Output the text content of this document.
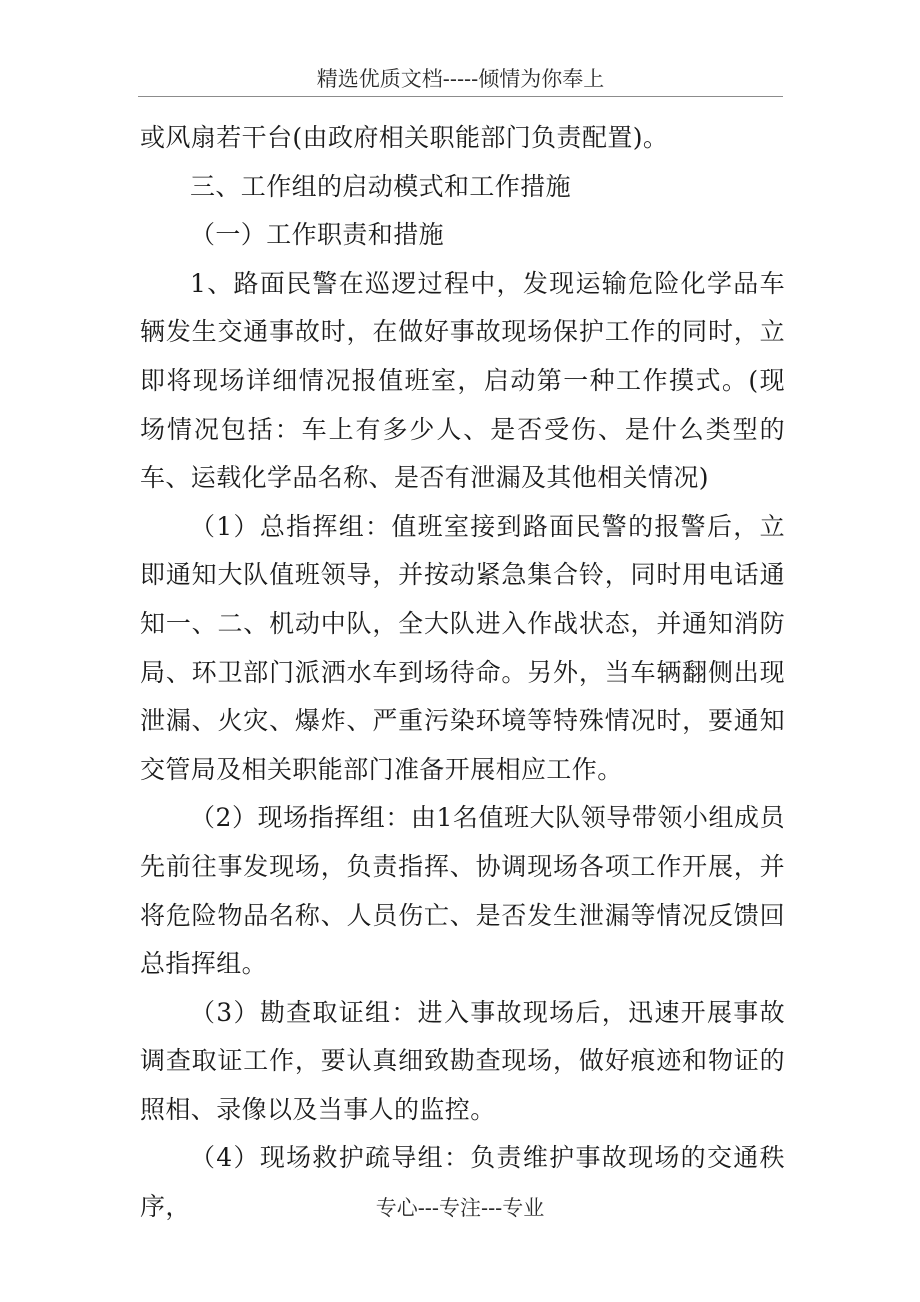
精选优质文档-----倾情为你奉上

或风扇若干台(由政府相关职能部门负责配置)。

三、工作组的启动模式和工作措施

（一）工作职责和措施

1、路面民警在巡逻过程中，发现运输危险化学品车辆发生交通事故时，在做好事故现场保护工作的同时，立即将现场详细情况报值班室，启动第一种工作摸式。(现场情况包括：车上有多少人、是否受伤、是什么类型的车、运载化学品名称、是否有泄漏及其他相关情况)

（1）总指挥组：值班室接到路面民警的报警后，立即通知大队值班领导，并按动紧急集合铃，同时用电话通知一、二、机动中队，全大队进入作战状态，并通知消防局、环卫部门派洒水车到场待命。另外，当车辆翻侧出现泄漏、火灾、爆炸、严重污染环境等特殊情况时，要通知交管局及相关职能部门准备开展相应工作。

（2）现场指挥组：由1名值班大队领导带领小组成员先前往事发现场，负责指挥、协调现场各项工作开展，并将危险物品名称、人员伤亡、是否发生泄漏等情况反馈回总指挥组。

（3）勘查取证组：进入事故现场后，迅速开展事故调查取证工作，要认真细致勘查现场，做好痕迹和物证的照相、录像以及当事人的监控。

（4）现场救护疏导组：负责维护事故现场的交通秩序，	专心---专注---专业
